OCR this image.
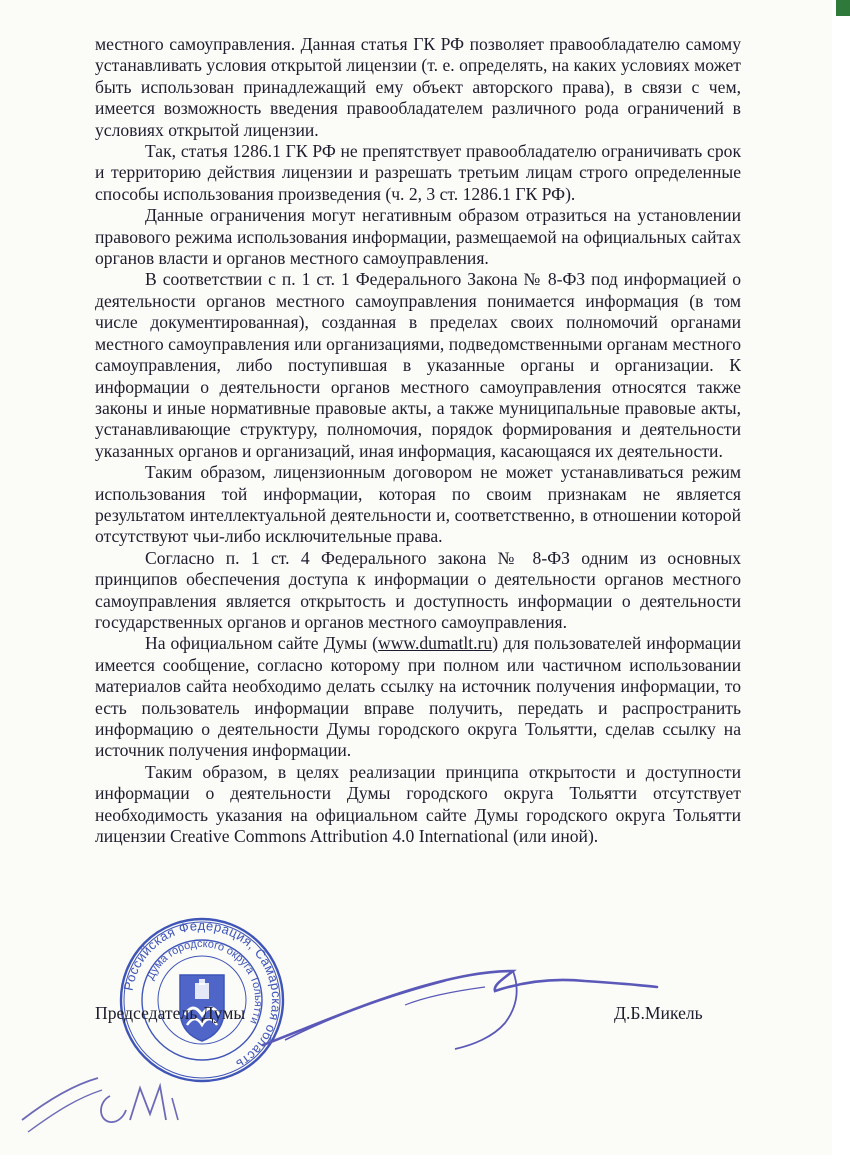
местного самоуправления. Данная статья ГК РФ позволяет правообладателю самому устанавливать условия открытой лицензии (т. е. определять, на каких условиях может быть использован принадлежащий ему объект авторского права), в связи с чем, имеется возможность введения правообладателем различного рода ограничений в условиях открытой лицензии.

Так, статья 1286.1 ГК РФ не препятствует правообладателю ограничивать срок и территорию действия лицензии и разрешать третьим лицам строго определенные способы использования произведения (ч. 2, 3 ст. 1286.1 ГК РФ).

Данные ограничения могут негативным образом отразиться на установлении правового режима использования информации, размещаемой на официальных сайтах органов власти и органов местного самоуправления.

В соответствии с п. 1 ст. 1 Федерального Закона № 8-ФЗ под информацией о деятельности органов местного самоуправления понимается информация (в том числе документированная), созданная в пределах своих полномочий органами местного самоуправления или организациями, подведомственными органам местного самоуправления, либо поступившая в указанные органы и организации. К информации о деятельности органов местного самоуправления относятся также законы и иные нормативные правовые акты, а также муниципальные правовые акты, устанавливающие структуру, полномочия, порядок формирования и деятельности указанных органов и организаций, иная информация, касающаяся их деятельности.

Таким образом, лицензионным договором не может устанавливаться режим использования той информации, которая по своим признакам не является результатом интеллектуальной деятельности и, соответственно, в отношении которой отсутствуют чьи-либо исключительные права.

Согласно п. 1 ст. 4 Федерального закона № 8-ФЗ одним из основных принципов обеспечения доступа к информации о деятельности органов местного самоуправления является открытость и доступность информации о деятельности государственных органов и органов местного самоуправления.

На официальном сайте Думы (www.dumatlt.ru) для пользователей информации имеется сообщение, согласно которому при полном или частичном использовании материалов сайта необходимо делать ссылку на источник получения информации, то есть пользователь информации вправе получить, передать и распространить информацию о деятельности Думы городского округа Тольятти, сделав ссылку на источник получения информации.

Таким образом, в целях реализации принципа открытости и доступности информации о деятельности Думы городского округа Тольятти отсутствует необходимость указания на официальном сайте Думы городского округа Тольятти лицензии Creative Commons Attribution 4.0 International (или иной).

Российская Федерация, Самарская область
Дума городского округа Тольятти
Председатель Думы	Д.Б.Микель
